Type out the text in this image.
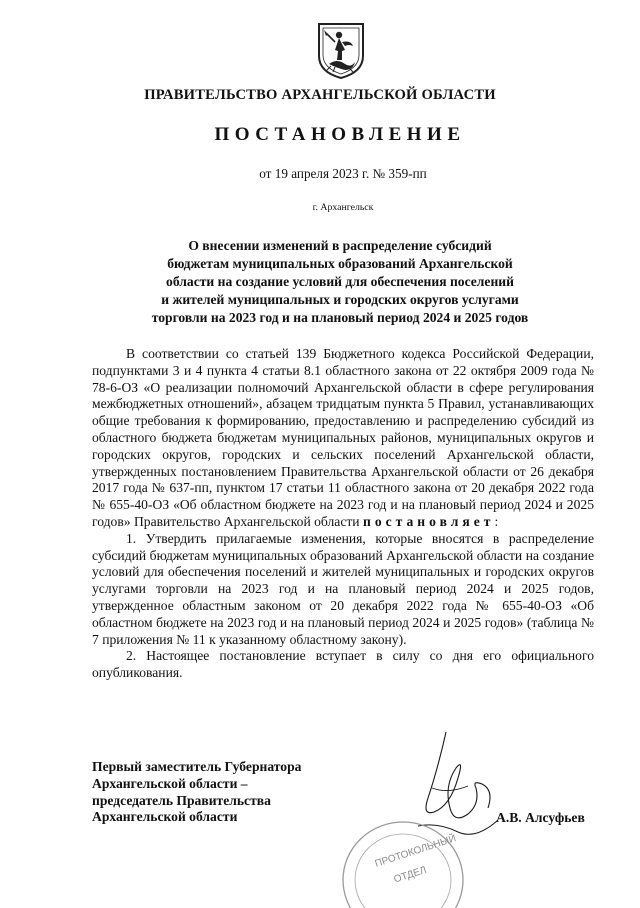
ПРАВИТЕЛЬСТВО АРХАНГЕЛЬСКОЙ ОБЛАСТИ
ПОСТАНОВЛЕНИЕ
от 19 апреля 2023 г. № 359-пп
г. Архангельск
О внесении изменений в распределение субсидий
бюджетам муниципальных образований Архангельской
области на создание условий для обеспечения поселений
и жителей муниципальных и городских округов услугами
торговли на 2023 год и на плановый период 2024 и 2025 годов

В соответствии со статьей 139 Бюджетного кодекса Российской Федерации, подпунктами 3 и 4 пункта 4 статьи 8.1 областного закона от 22 октября 2009 года № 78-6-ОЗ «О реализации полномочий Архангельской области в сфере регулирования межбюджетных отношений», абзацем тридцатым пункта 5 Правил, устанавливающих общие требования к формированию, предоставлению и распределению субсидий из областного бюджета бюджетам муниципальных районов, муниципальных округов и городских округов, городских и сельских поселений Архангельской области, утвержденных постановлением Правительства Архангельской области от 26 декабря 2017 года № 637-пп, пунктом 17 статьи 11 областного закона от 20 декабря 2022 года № 655-40-ОЗ «Об областном бюджете на 2023 год и на плановый период 2024 и 2025 годов» Правительство Архангельской области постановляет:

1. Утвердить прилагаемые изменения, которые вносятся в распределение субсидий бюджетам муниципальных образований Архангельской области на создание условий для обеспечения поселений и жителей муниципальных и городских округов услугами торговли на 2023 год и на плановый период 2024 и 2025 годов, утвержденное областным законом от 20 декабря 2022 года № 655-40-ОЗ «Об областном бюджете на 2023 год и на плановый период 2024 и 2025 годов» (таблица № 7 приложения № 11 к указанному областному закону).

2. Настоящее постановление вступает в силу со дня его официального опубликования.

Первый заместитель Губернатора
Архангельской области –
председатель Правительства
Архангельской области	А.В. Алсуфьев
ПРОТОКОЛЬНЫЙ
ОТДЕЛ
